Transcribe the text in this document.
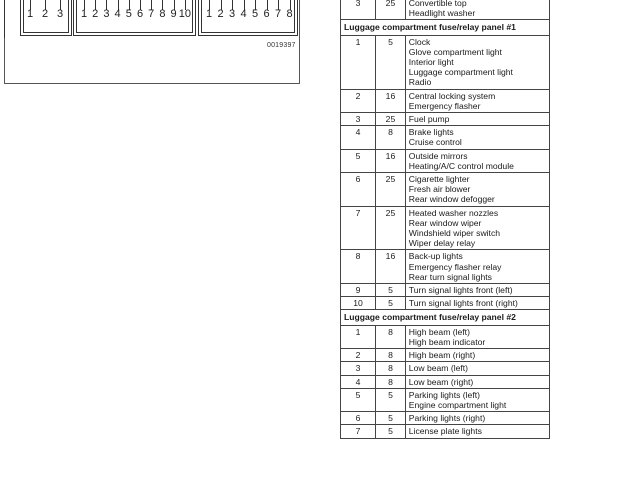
1 2 3 1 2 3 4 5 6 7 8 9 10 1 2 3 4 5 6 7 8
0019397
3	25	Convertible top
Headlight washer

Luggage compartment fuse/relay panel #1		
1	5	Clock
Glove compartment light
Interior light
Luggage compartment light
Radio

2	16	Central locking system
Emergency flasher

3	25	Fuel pump

4	8	Brake lights
Cruise control

5	16	Outside mirrors
Heating/A/C control module

6	25	Cigarette lighter
Fresh air blower
Rear window defogger

7	25	Heated washer nozzles
Rear window wiper
Windshield wiper switch
Wiper delay relay

8	16	Back-up lights
Emergency flasher relay
Rear turn signal lights

9	5	Turn signal lights front (left)

10	5	Turn signal lights front (right)

Luggage compartment fuse/relay panel #2		
1	8	High beam (left)
High beam indicator

2	8	High beam (right)

3	8	Low beam (left)

4	8	Low beam (right)

5	5	Parking lights (left)
Engine compartment light

6	5	Parking lights (right)

7	5	License plate lights
